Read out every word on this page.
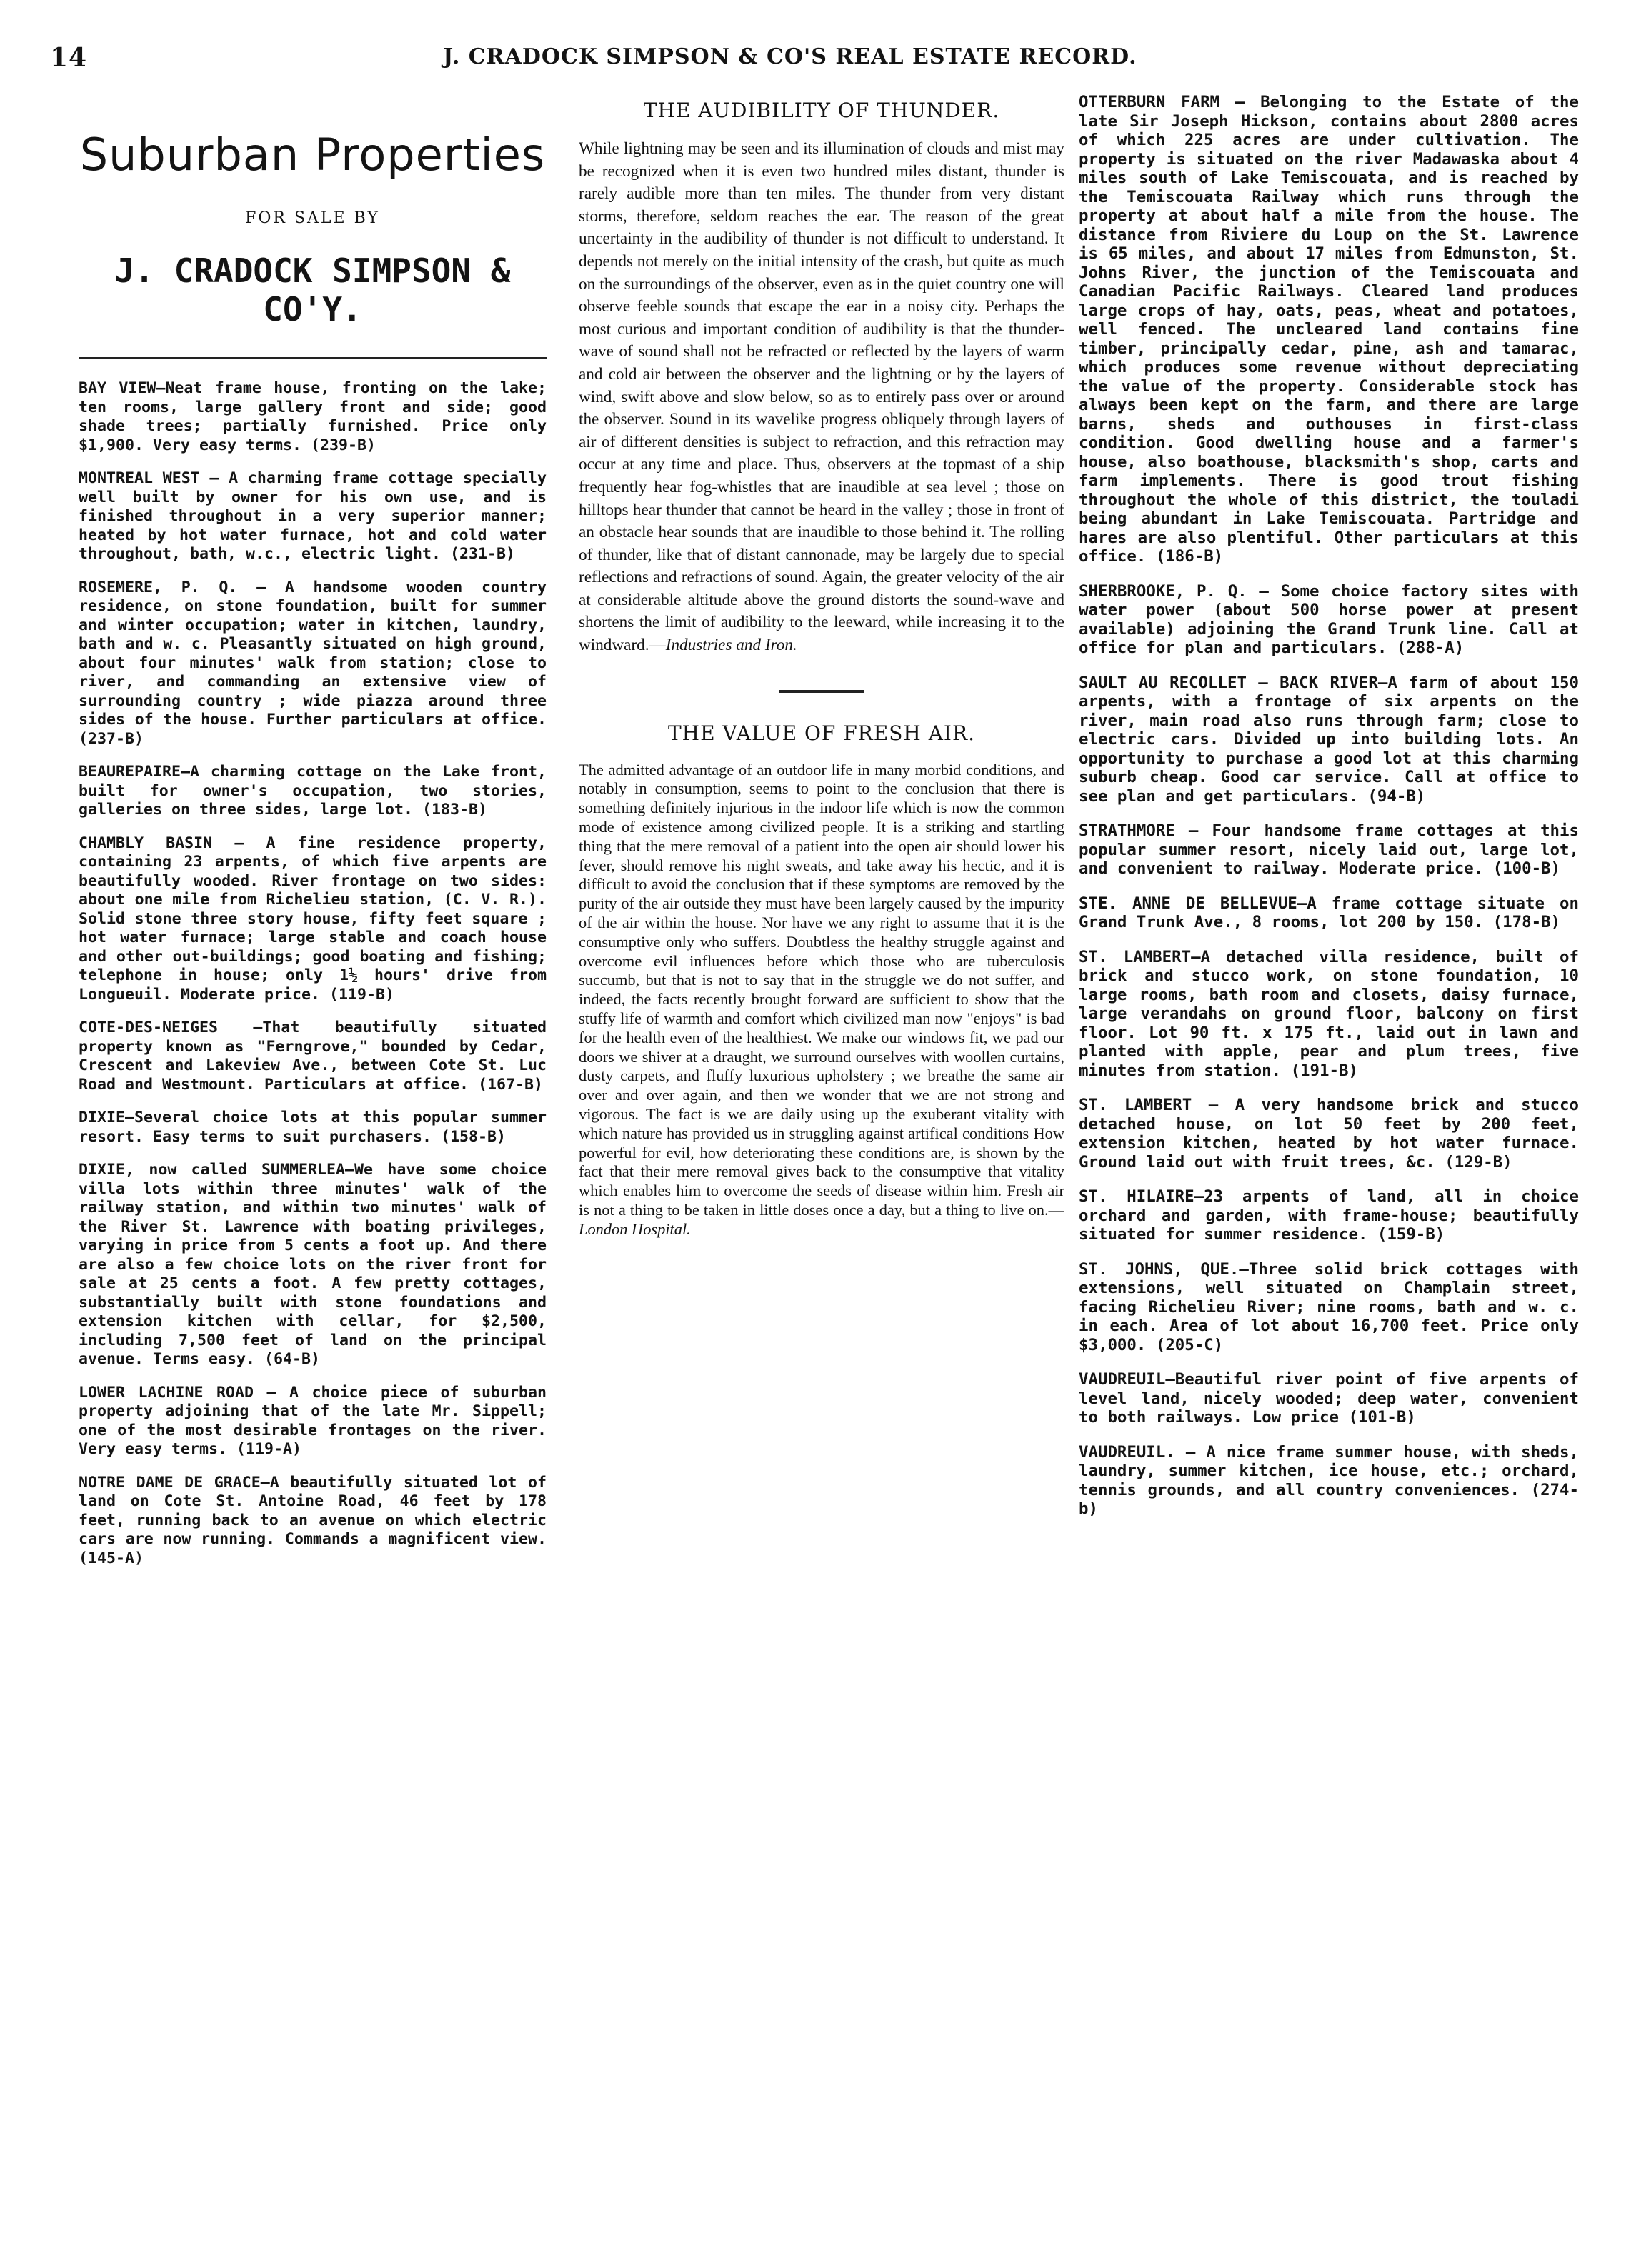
14	J. CRADOCK SIMPSON & CO'S REAL ESTATE RECORD.
Suburban Properties
FOR SALE BY
J. CRADOCK SIMPSON & CO'Y.

BAY VIEW—Neat frame house, fronting on the lake; ten rooms, large gallery front and side; good shade trees; partially furnished. Price only $1,900. Very easy terms. (239-B)

MONTREAL WEST — A charming frame cottage specially well built by owner for his own use, and is finished throughout in a very superior manner; heated by hot water furnace, hot and cold water throughout, bath, w.c., electric light. (231-B)

ROSEMERE, P. Q. — A handsome wooden country residence, on stone foundation, built for summer and winter occupation; water in kitchen, laundry, bath and w. c. Pleasantly situated on high ground, about four minutes' walk from station; close to river, and commanding an extensive view of surrounding country ; wide piazza around three sides of the house. Further particulars at office. (237-B)

BEAUREPAIRE—A charming cottage on the Lake front, built for owner's occupation, two stories, galleries on three sides, large lot. (183-B)

CHAMBLY BASIN — A fine residence property, containing 23 arpents, of which five arpents are beautifully wooded. River frontage on two sides: about one mile from Richelieu station, (C. V. R.). Solid stone three story house, fifty feet square ; hot water furnace; large stable and coach house and other out-buildings; good boating and fishing; telephone in house; only 1½ hours' drive from Longueuil. Moderate price. (119-B)

COTE-DES-NEIGES —That beautifully situated property known as "Ferngrove," bounded by Cedar, Crescent and Lakeview Ave., between Cote St. Luc Road and Westmount. Particulars at office. (167-B)

DIXIE—Several choice lots at this popular summer resort. Easy terms to suit purchasers. (158-B)

DIXIE, now called SUMMERLEA—We have some choice villa lots within three minutes' walk of the railway station, and within two minutes' walk of the River St. Lawrence with boating privileges, varying in price from 5 cents a foot up. And there are also a few choice lots on the river front for sale at 25 cents a foot. A few pretty cottages, substantially built with stone foundations and extension kitchen with cellar, for $2,500, including 7,500 feet of land on the principal avenue. Terms easy. (64-B)

LOWER LACHINE ROAD — A choice piece of suburban property adjoining that of the late Mr. Sippell; one of the most desirable frontages on the river. Very easy terms. (119-A)

NOTRE DAME DE GRACE—A beautifully situated lot of land on Cote St. Antoine Road, 46 feet by 178 feet, running back to an avenue on which electric cars are now running. Commands a magnificent view. (145-A)

THE AUDIBILITY OF THUNDER.

While lightning may be seen and its illumination of clouds and mist may be recognized when it is even two hundred miles distant, thunder is rarely audible more than ten miles. The thunder from very distant storms, therefore, seldom reaches the ear. The reason of the great uncertainty in the audibility of thunder is not difficult to understand. It depends not merely on the initial intensity of the crash, but quite as much on the surroundings of the observer, even as in the quiet country one will observe feeble sounds that escape the ear in a noisy city. Perhaps the most curious and important condition of audibility is that the thunder-wave of sound shall not be refracted or reflected by the layers of warm and cold air between the observer and the lightning or by the layers of wind, swift above and slow below, so as to entirely pass over or around the observer. Sound in its wavelike progress obliquely through layers of air of different densities is subject to refraction, and this refraction may occur at any time and place. Thus, observers at the topmast of a ship frequently hear fog-whistles that are inaudible at sea level ; those on hilltops hear thunder that cannot be heard in the valley ; those in front of an obstacle hear sounds that are inaudible to those behind it. The rolling of thunder, like that of distant cannonade, may be largely due to special reflections and refractions of sound. Again, the greater velocity of the air at considerable altitude above the ground distorts the sound-wave and shortens the limit of audibility to the leeward, while increasing it to the windward.—Industries and Iron.

THE VALUE OF FRESH AIR.

The admitted advantage of an outdoor life in many morbid conditions, and notably in consumption, seems to point to the conclusion that there is something definitely injurious in the indoor life which is now the common mode of existence among civilized people. It is a striking and startling thing that the mere removal of a patient into the open air should lower his fever, should remove his night sweats, and take away his hectic, and it is difficult to avoid the conclusion that if these symptoms are removed by the purity of the air outside they must have been largely caused by the impurity of the air within the house. Nor have we any right to assume that it is the consumptive only who suffers. Doubtless the healthy struggle against and overcome evil influences before which those who are tuberculosis succumb, but that is not to say that in the struggle we do not suffer, and indeed, the facts recently brought forward are sufficient to show that the stuffy life of warmth and comfort which civilized man now "enjoys" is bad for the health even of the healthiest. We make our windows fit, we pad our doors we shiver at a draught, we surround ourselves with woollen curtains, dusty carpets, and fluffy luxurious upholstery ; we breathe the same air over and over again, and then we wonder that we are not strong and vigorous. The fact is we are daily using up the exuberant vitality with which nature has provided us in struggling against artifical conditions How powerful for evil, how deteriorating these conditions are, is shown by the fact that their mere removal gives back to the consumptive that vitality which enables him to overcome the seeds of disease within him. Fresh air is not a thing to be taken in little doses once a day, but a thing to live on.—London Hospital.

OTTERBURN FARM — Belonging to the Estate of the late Sir Joseph Hickson, contains about 2800 acres of which 225 acres are under cultivation. The property is situated on the river Madawaska about 4 miles south of Lake Temiscouata, and is reached by the Temiscouata Railway which runs through the property at about half a mile from the house. The distance from Riviere du Loup on the St. Lawrence is 65 miles, and about 17 miles from Edmunston, St. Johns River, the junction of the Temiscouata and Canadian Pacific Railways. Cleared land produces large crops of hay, oats, peas, wheat and potatoes, well fenced. The uncleared land contains fine timber, principally cedar, pine, ash and tamarac, which produces some revenue without depreciating the value of the property. Considerable stock has always been kept on the farm, and there are large barns, sheds and outhouses in first-class condition. Good dwelling house and a farmer's house, also boathouse, blacksmith's shop, carts and farm implements. There is good trout fishing throughout the whole of this district, the touladi being abundant in Lake Temiscouata. Partridge and hares are also plentiful. Other particulars at this office. (186-B)

SHERBROOKE, P. Q. — Some choice factory sites with water power (about 500 horse power at present available) adjoining the Grand Trunk line. Call at office for plan and particulars. (288-A)

SAULT AU RECOLLET — BACK RIVER—A farm of about 150 arpents, with a frontage of six arpents on the river, main road also runs through farm; close to electric cars. Divided up into building lots. An opportunity to purchase a good lot at this charming suburb cheap. Good car service. Call at office to see plan and get particulars. (94-B)

STRATHMORE — Four handsome frame cottages at this popular summer resort, nicely laid out, large lot, and convenient to railway. Moderate price. (100-B)

STE. ANNE DE BELLEVUE—A frame cottage situate on Grand Trunk Ave., 8 rooms, lot 200 by 150. (178-B)

ST. LAMBERT—A detached villa residence, built of brick and stucco work, on stone foundation, 10 large rooms, bath room and closets, daisy furnace, large verandahs on ground floor, balcony on first floor. Lot 90 ft. x 175 ft., laid out in lawn and planted with apple, pear and plum trees, five minutes from station. (191-B)

ST. LAMBERT — A very handsome brick and stucco detached house, on lot 50 feet by 200 feet, extension kitchen, heated by hot water furnace. Ground laid out with fruit trees, &c. (129-B)

ST. HILAIRE—23 arpents of land, all in choice orchard and garden, with frame-house; beautifully situated for summer residence. (159-B)

ST. JOHNS, QUE.—Three solid brick cottages with extensions, well situated on Champlain street, facing Richelieu River; nine rooms, bath and w. c. in each. Area of lot about 16,700 feet. Price only $3,000. (205-C)

VAUDREUIL—Beautiful river point of five arpents of level land, nicely wooded; deep water, convenient to both railways. Low price (101-B)

VAUDREUIL. — A nice frame summer house, with sheds, laundry, summer kitchen, ice house, etc.; orchard, tennis grounds, and all country conveniences. (274-b)
